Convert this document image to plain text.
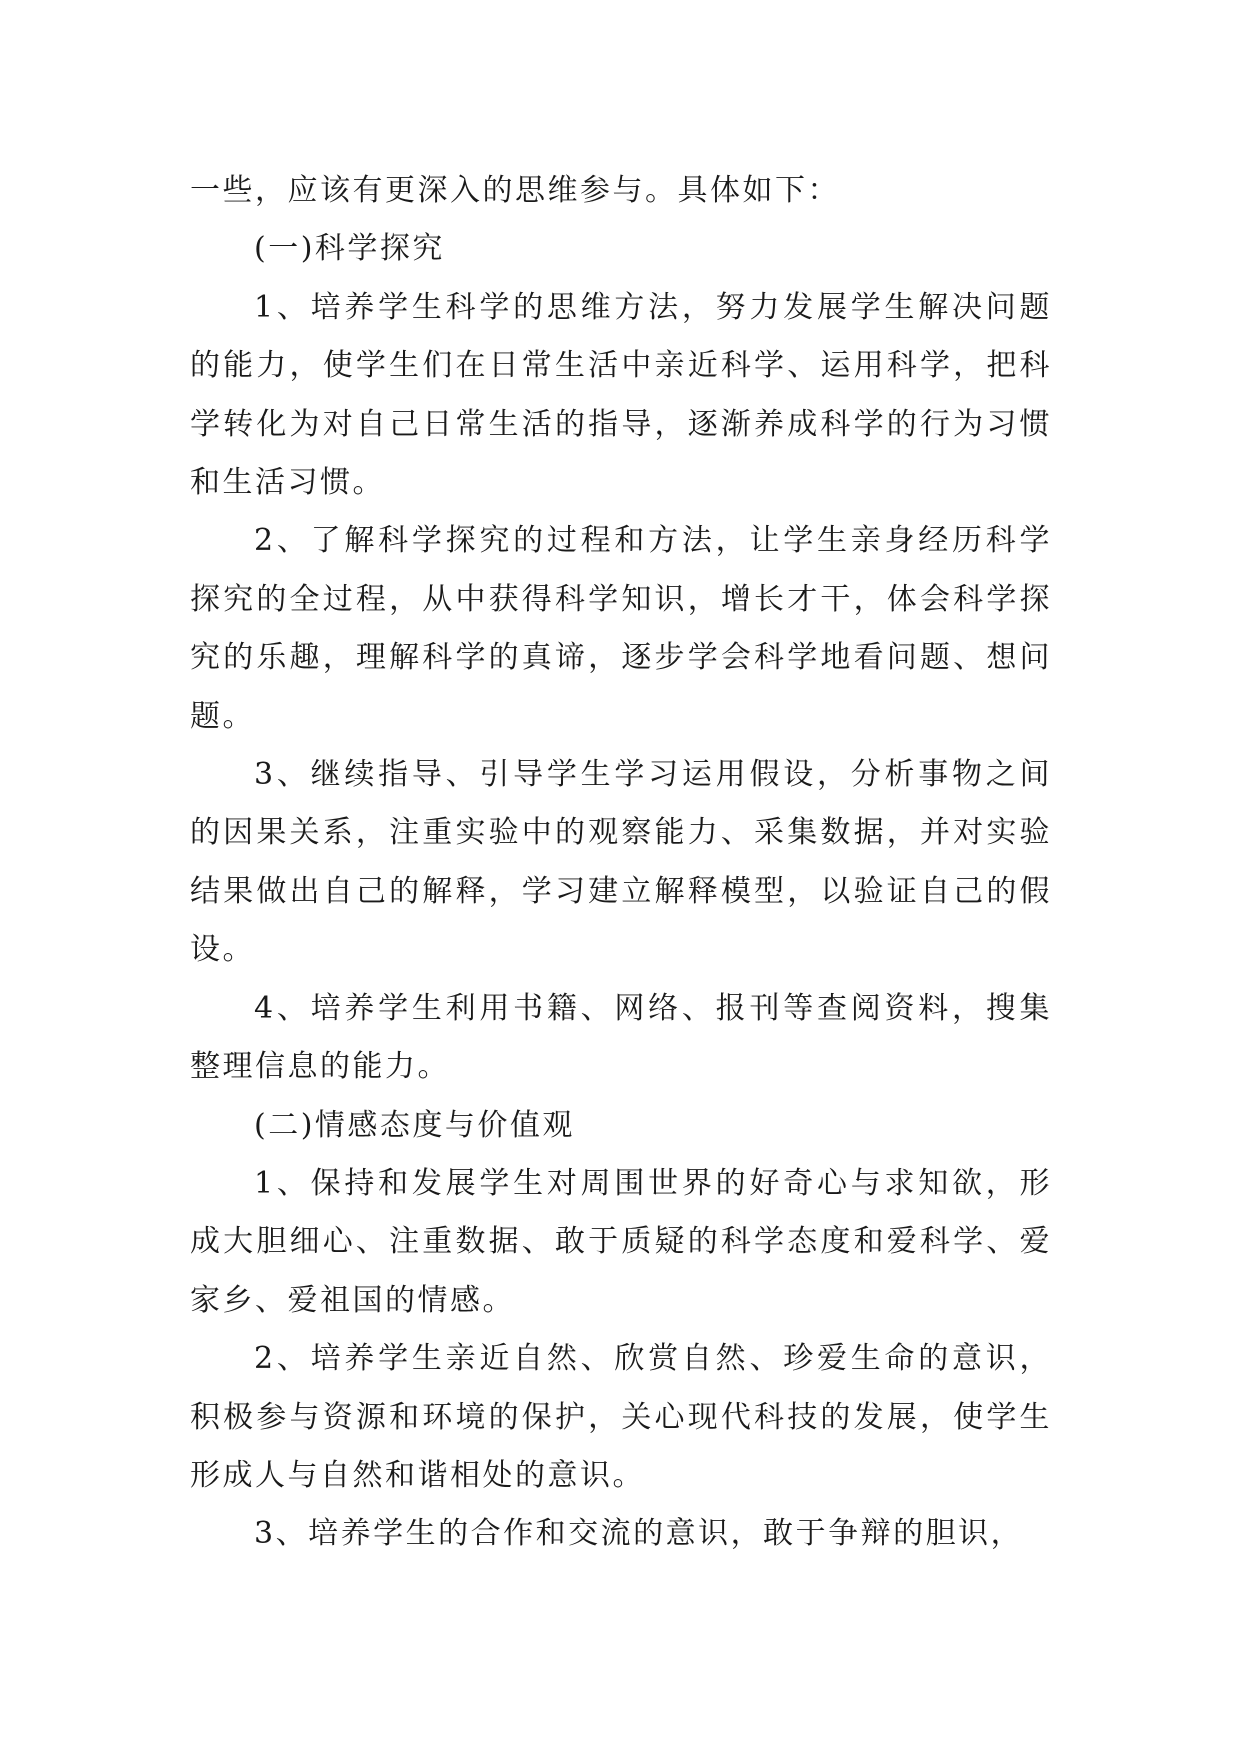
一些，应该有更深入的思维参与。具体如下：

(一)科学探究

1、培养学生科学的思维方法，努力发展学生解决问题的能力，使学生们在日常生活中亲近科学、运用科学，把科学转化为对自己日常生活的指导，逐渐养成科学的行为习惯和生活习惯。

2、了解科学探究的过程和方法，让学生亲身经历科学探究的全过程，从中获得科学知识，增长才干，体会科学探究的乐趣，理解科学的真谛，逐步学会科学地看问题、想问题。

3、继续指导、引导学生学习运用假设，分析事物之间的因果关系，注重实验中的观察能力、采集数据，并对实验结果做出自己的解释，学习建立解释模型，以验证自己的假设。

4、培养学生利用书籍、网络、报刊等查阅资料，搜集整理信息的能力。

(二)情感态度与价值观

1、保持和发展学生对周围世界的好奇心与求知欲，形成大胆细心、注重数据、敢于质疑的科学态度和爱科学、爱家乡、爱祖国的情感。

2、培养学生亲近自然、欣赏自然、珍爱生命的意识，积极参与资源和环境的保护，关心现代科技的发展，使学生形成人与自然和谐相处的意识。

3、培养学生的合作和交流的意识，敢于争辩的胆识，
